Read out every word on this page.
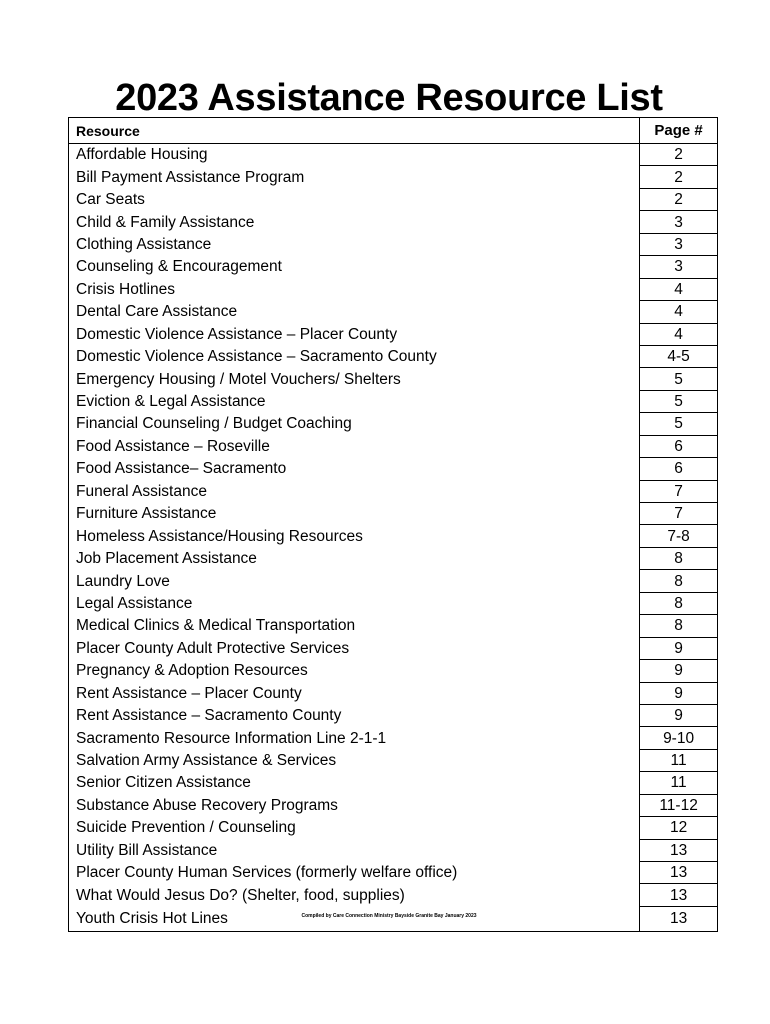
2023 Assistance Resource List
Resource	Page #
Affordable Housing	2
Bill Payment Assistance Program	2
Car Seats	2
Child & Family Assistance	3
Clothing Assistance	3
Counseling & Encouragement	3
Crisis Hotlines	4
Dental Care Assistance	4
Domestic Violence Assistance – Placer County	4
Domestic Violence Assistance – Sacramento County	4-5
Emergency Housing / Motel Vouchers/ Shelters	5
Eviction & Legal Assistance	5
Financial Counseling / Budget Coaching	5
Food Assistance – Roseville	6
Food Assistance– Sacramento	6
Funeral Assistance	7
Furniture Assistance	7
Homeless Assistance/Housing Resources	7-8
Job Placement Assistance	8
Laundry Love	8
Legal Assistance	8
Medical Clinics & Medical Transportation	8
Placer County Adult Protective Services	9
Pregnancy & Adoption Resources	9
Rent Assistance – Placer County	9
Rent Assistance – Sacramento County	9
Sacramento Resource Information Line 2-1-1	9-10
Salvation Army Assistance & Services	11
Senior Citizen Assistance	11
Substance Abuse Recovery Programs	11-12
Suicide Prevention / Counseling	12
Utility Bill Assistance	13
Placer County Human Services (formerly welfare office)	13
What Would Jesus Do? (Shelter, food, supplies)	13
Youth Crisis Hot Lines	13
Compiled by Care Connection Ministry Bayside Granite Bay January 2023
